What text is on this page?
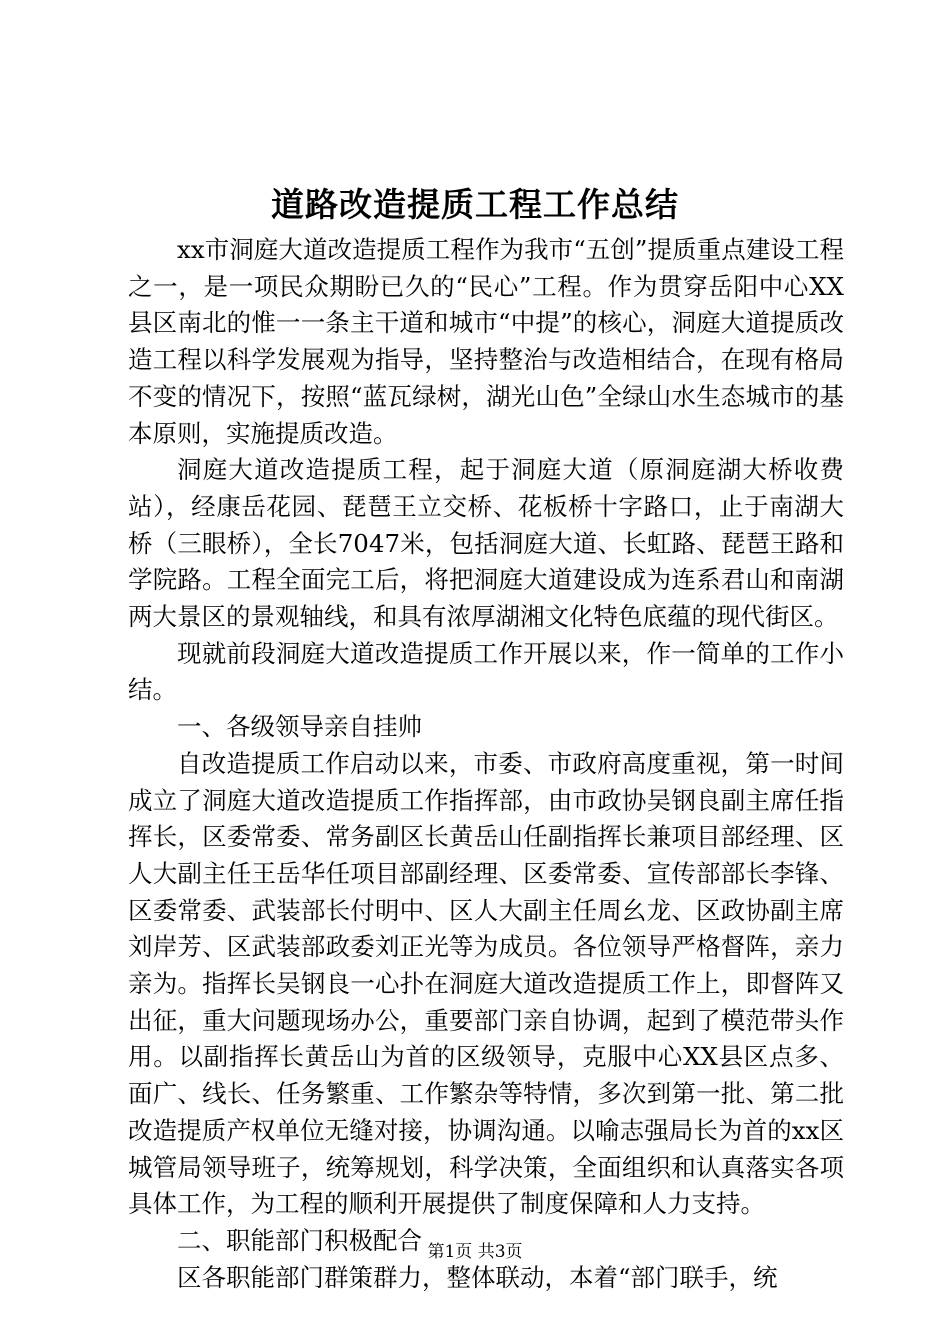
道路改造提质工程工作总结

xx市洞庭大道改造提质工程作为我市“五创”提质重点建设工程之一，是一项民众期盼已久的“民心”工程。作为贯穿岳阳中心XX县区南北的惟一一条主干道和城市“中提”的核心，洞庭大道提质改造工程以科学发展观为指导，坚持整治与改造相结合，在现有格局不变的情况下，按照“蓝瓦绿树，湖光山色”全绿山水生态城市的基本原则，实施提质改造。

洞庭大道改造提质工程，起于洞庭大道（原洞庭湖大桥收费站），经康岳花园、琵琶王立交桥、花板桥十字路口，止于南湖大桥（三眼桥），全长7047米，包括洞庭大道、长虹路、琵琶王路和学院路。工程全面完工后，将把洞庭大道建设成为连系君山和南湖两大景区的景观轴线，和具有浓厚湖湘文化特色底蕴的现代街区。

现就前段洞庭大道改造提质工作开展以来，作一简单的工作小结。

一、各级领导亲自挂帅

自改造提质工作启动以来，市委、市政府高度重视，第一时间成立了洞庭大道改造提质工作指挥部，由市政协吴钢良副主席任指挥长，区委常委、常务副区长黄岳山任副指挥长兼项目部经理、区人大副主任王岳华任项目部副经理、区委常委、宣传部部长李锋、区委常委、武装部长付明中、区人大副主任周幺龙、区政协副主席刘岸芳、区武装部政委刘正光等为成员。各位领导严格督阵，亲力亲为。指挥长吴钢良一心扑在洞庭大道改造提质工作上，即督阵又出征，重大问题现场办公，重要部门亲自协调，起到了模范带头作用。以副指挥长黄岳山为首的区级领导，克服中心XX县区点多、面广、线长、任务繁重、工作繁杂等特情，多次到第一批、第二批改造提质产权单位无缝对接，协调沟通。以喻志强局长为首的xx区城管局领导班子，统筹规划，科学决策，全面组织和认真落实各项具体工作，为工程的顺利开展提供了制度保障和人力支持。

二、职能部门积极配合

区各职能部门群策群力，整体联动，本着“部门联手，统

第1页 共3页
